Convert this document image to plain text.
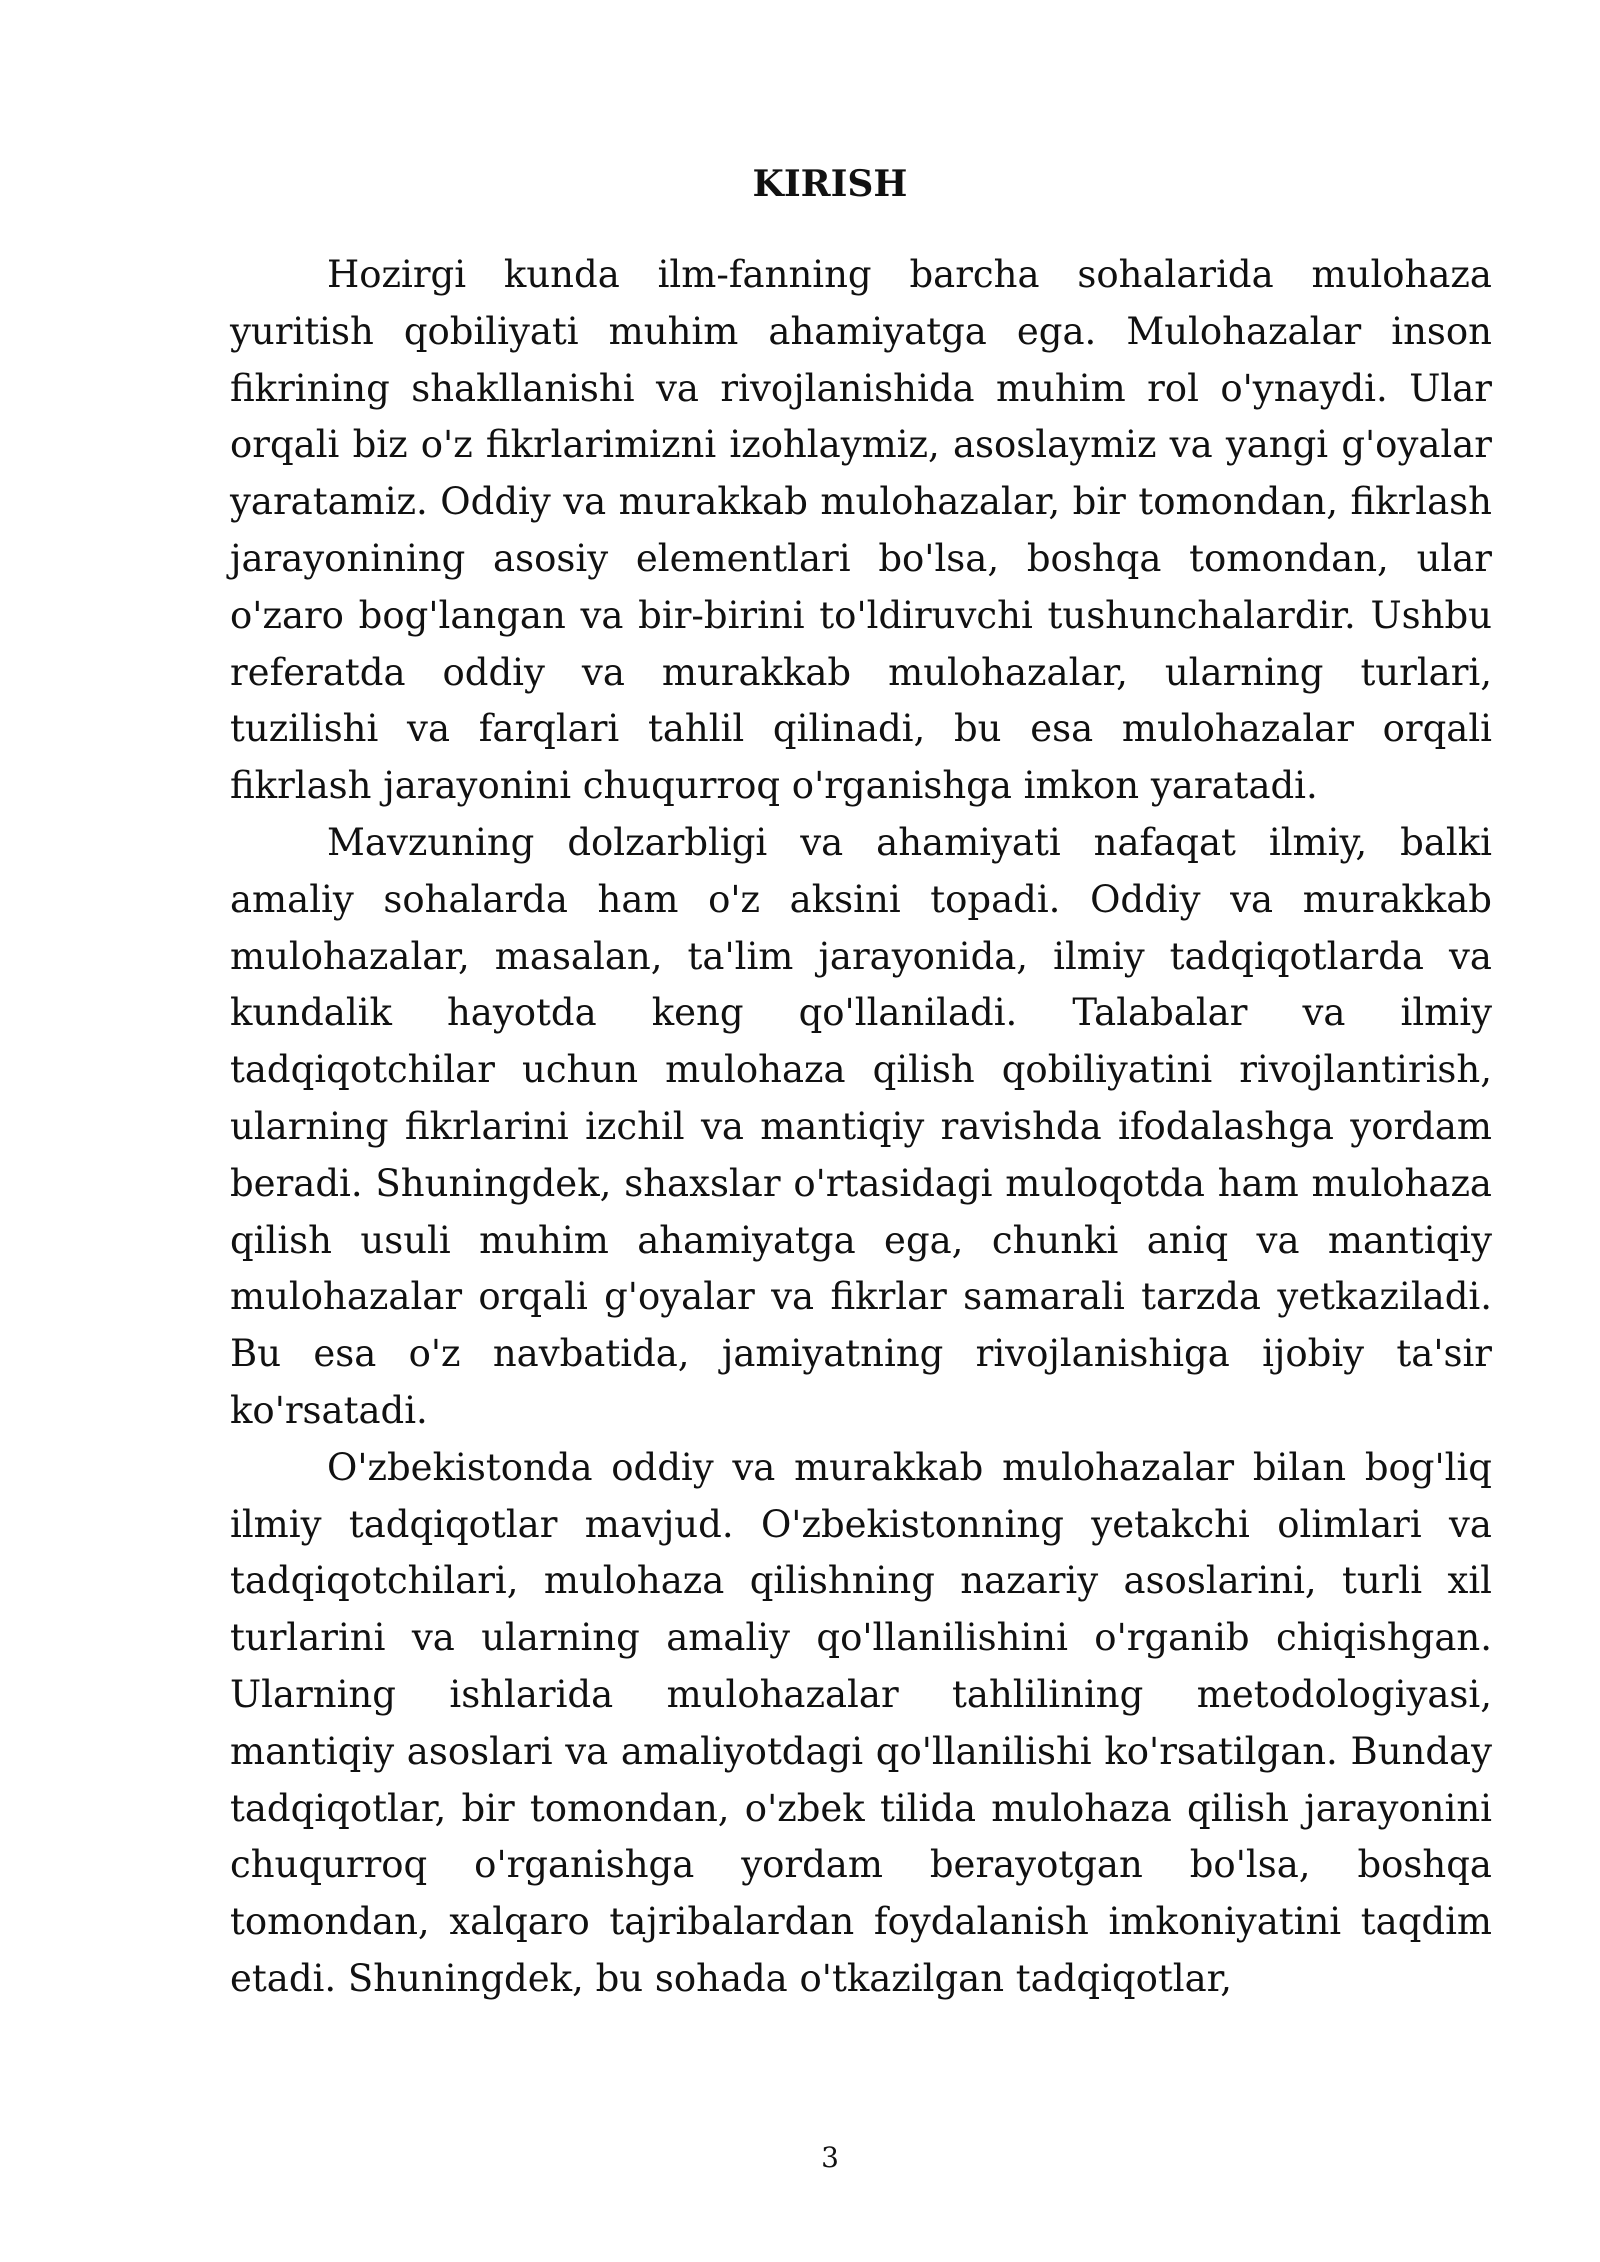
KIRISH

Hozirgi kunda ilm-fanning barcha sohalarida mulohaza yuritish qobiliyati muhim ahamiyatga ega. Mulohazalar inson fikrining shakllanishi va rivojlanishida muhim rol o'ynaydi. Ular orqali biz o'z fikrlarimizni izohlaymiz, asoslaymiz va yangi g'oyalar yaratamiz. Oddiy va murakkab mulohazalar, bir tomondan, fikrlash jarayonining asosiy elementlari bo'lsa, boshqa tomondan, ular o'zaro bog'langan va bir-birini to'ldiruvchi tushunchalardir. Ushbu referatda oddiy va murakkab mulohazalar, ularning turlari, tuzilishi va farqlari tahlil qilinadi, bu esa mulohazalar orqali fikrlash jarayonini chuqurroq o'rganishga imkon yaratadi.

Mavzuning dolzarbligi va ahamiyati nafaqat ilmiy, balki amaliy sohalarda ham o'z aksini topadi. Oddiy va murakkab mulohazalar, masalan, ta'lim jarayonida, ilmiy tadqiqotlarda va kundalik hayotda keng qo'llaniladi. Talabalar va ilmiy tadqiqotchilar uchun mulohaza qilish qobiliyatini rivojlantirish, ularning fikrlarini izchil va mantiqiy ravishda ifodalashga yordam beradi. Shuningdek, shaxslar o'rtasidagi muloqotda ham mulohaza qilish usuli muhim ahamiyatga ega, chunki aniq va mantiqiy mulohazalar orqali g'oyalar va fikrlar samarali tarzda yetkaziladi. Bu esa o'z navbatida, jamiyatning rivojlanishiga ijobiy ta'sir ko'rsatadi.

O'zbekistonda oddiy va murakkab mulohazalar bilan bog'liq ilmiy tadqiqotlar mavjud. O'zbekistonning yetakchi olimlari va tadqiqotchilari, mulohaza qilishning nazariy asoslarini, turli xil turlarini va ularning amaliy qo'llanilishini o'rganib chiqishgan. Ularning ishlarida mulohazalar tahlilining metodologiyasi, mantiqiy asoslari va amaliyotdagi qo'llanilishi ko'rsatilgan. Bunday tadqiqotlar, bir tomondan, o'zbek tilida mulohaza qilish jarayonini chuqurroq o'rganishga yordam berayotgan bo'lsa, boshqa tomondan, xalqaro tajribalardan foydalanish imkoniyatini taqdim etadi. Shuningdek, bu sohada o'tkazilgan tadqiqotlar,

3
